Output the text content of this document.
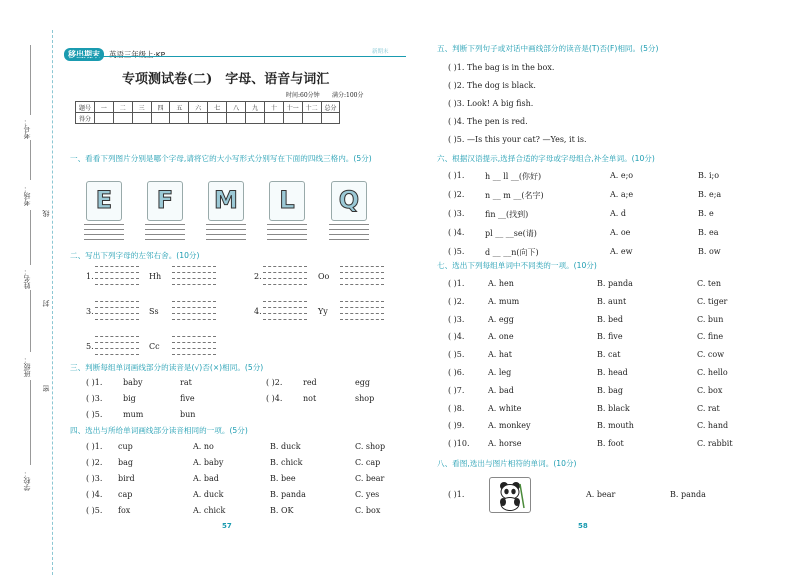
考号：
考场：
姓名：
班级：
学校：
线
封
密
移出期末 英语三年级上·KP	新期末
专项测试卷(二)　字母、语音与词汇
时间:60分钟 满分:100分
题号	一	二	三	四	五	六	七	八	九	十	十一	十二	总分
得分													
一、看看下列图片分别是哪个字母,请将它的大小写形式分别写在下面的四线三格内。(5分)
E	F	M	L	Q
二、写出下列字母的左邻右舍。(10分)
1.	Hh	2.	Oo
3.	Ss	4.	Yy
5.	Cc
三、判断每组单词画线部分的读音是(√)否(×)相同。(5分)
( )1.	baby	rat	( )2.	red	egg
( )3.	big	five	( )4.	not	shop
( )5.	mum	bun
四、选出与所给单词画线部分读音相同的一项。(5分)
( )1. cup	A. no	B. duck	C. shop
( )2. bag	A. baby	B. chick	C. cap
( )3. bird	A. bad	B. bee	C. bear
( )4. cap	A. duck	B. panda	C. yes
( )5. fox	A. chick	B. OK	C. box
57	58
五、判断下列句子或对话中画线部分的读音是(T)否(F)相同。(5分)
( )1. The bag is in the box.
( )2. The dog is black.
( )3. Look! A big fish.
( )4. The pen is red.
( )5. —Is this your cat? —Yes, it is.
六、根据汉语提示,选择合适的字母或字母组合,补全单词。(10分)
( )1.	h __ ll __(你好)	A. e;o	B. i;o
( )2.	n __ m __(名字)	A. a;e	B. e;a
( )3.	fin __(找到)	A. d	B. e
( )4.	pl __ __se(请)	A. oe	B. ea
( )5.	d __ __n(向下)	A. ew	B. ow
七、选出下列每组单词中不同类的一项。(10分)
( )1.	A. hen	B. panda	C. ten
( )2.	A. mum	B. aunt	C. tiger
( )3.	A. egg	B. bed	C. bun
( )4.	A. one	B. five	C. fine
( )5.	A. hat	B. cat	C. cow
( )6.	A. leg	B. head	C. hello
( )7.	A. bad	B. bag	C. box
( )8.	A. white	B. black	C. rat
( )9.	A. monkey	B. mouth	C. hand
( )10. A. horse	B. foot	C. rabbit
八、看图,选出与图片相符的单词。(10分)
( )1.	A. bear	B. panda
